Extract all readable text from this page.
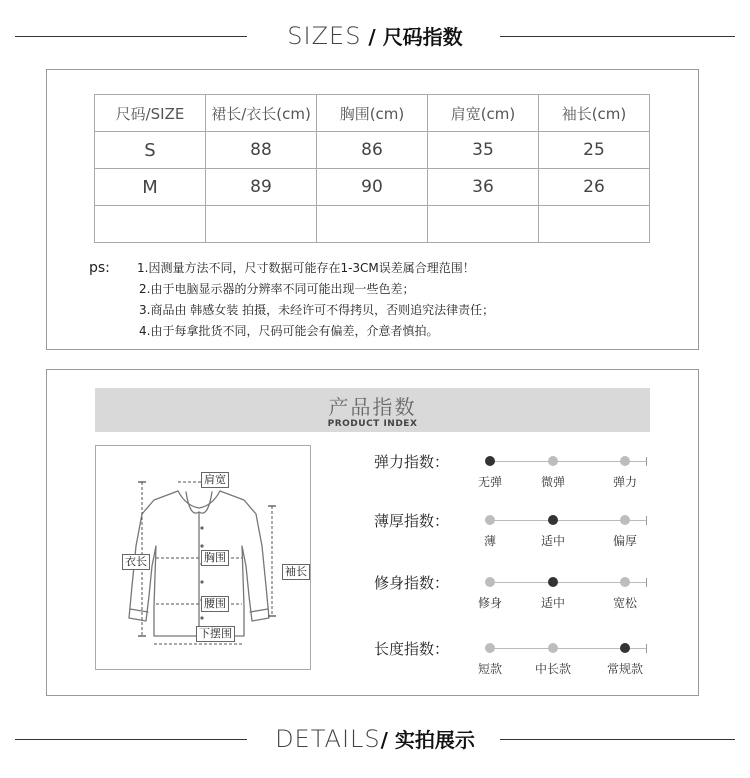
SIZES / 尺码指数
尺码/SIZE	裙长/衣长(cm)	胸围(cm)	肩宽(cm)	袖长(cm)
S	88	86	35	25
M	89	90	36	26

ps: 1.因测量方法不同，尺寸数据可能存在1-3CM误差属合理范围！
2.由于电脑显示器的分辨率不同可能出现一些色差；
3.商品由 韩感女装 拍摄，未经许可不得拷贝，否则追究法律责任；
4.由于每拿批货不同，尺码可能会有偏差，介意者慎拍。
产品指数
PRODUCT INDEX
肩宽
衣长	胸围
袖长
腰围
下摆围
弹力指数：
无弹	微弹	弹力
薄厚指数：
薄	适中	偏厚
修身指数：
修身	适中	宽松
长度指数：
短款	中长款	常规款
DETAILS/ 实拍展示
